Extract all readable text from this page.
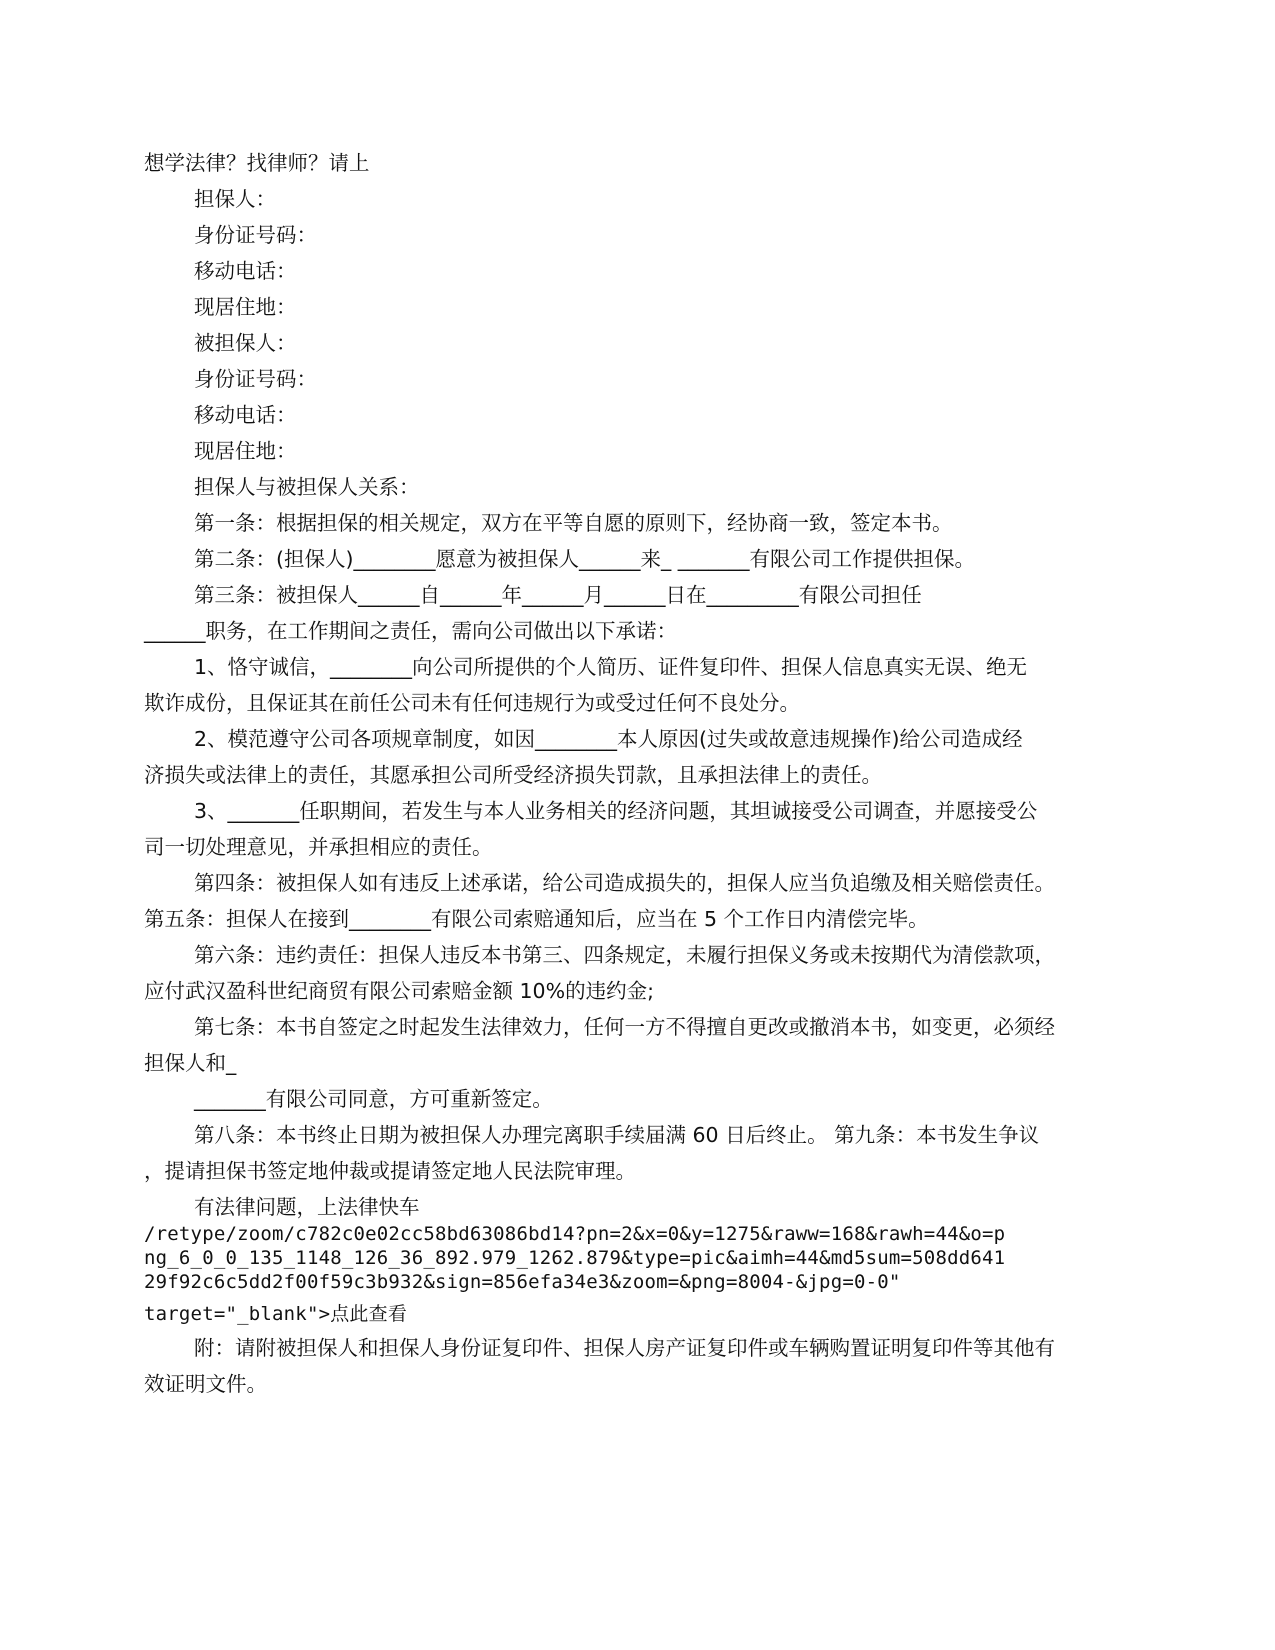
想学法律？找律师？请上
担保人：
身份证号码：
移动电话：
现居住地：
被担保人：
身份证号码：
移动电话：
现居住地：
担保人与被担保人关系：
第一条：根据担保的相关规定，双方在平等自愿的原则下，经协商一致，签定本书。
第二条：(担保人)________愿意为被担保人______来_ _______有限公司工作提供担保。
第三条：被担保人______自______年______月______日在_________有限公司担任
______职务，在工作期间之责任，需向公司做出以下承诺：
1、恪守诚信，________向公司所提供的个人简历、证件复印件、担保人信息真实无误、绝无
欺诈成份，且保证其在前任公司未有任何违规行为或受过任何不良处分。
2、模范遵守公司各项规章制度，如因________本人原因(过失或故意违规操作)给公司造成经
济损失或法律上的责任，其愿承担公司所受经济损失罚款，且承担法律上的责任。
3、_______任职期间，若发生与本人业务相关的经济问题，其坦诚接受公司调查，并愿接受公
司一切处理意见，并承担相应的责任。
第四条：被担保人如有违反上述承诺，给公司造成损失的，担保人应当负追缴及相关赔偿责任。
第五条：担保人在接到________有限公司索赔通知后，应当在 5 个工作日内清偿完毕。
第六条：违约责任：担保人违反本书第三、四条规定，未履行担保义务或未按期代为清偿款项，
应付武汉盈科世纪商贸有限公司索赔金额 10%的违约金;
第七条：本书自签定之时起发生法律效力，任何一方不得擅自更改或撤消本书，如变更，必须经
担保人和_
_______有限公司同意，方可重新签定。
第八条：本书终止日期为被担保人办理完离职手续届满 60 日后终止。 第九条：本书发生争议
，提请担保书签定地仲裁或提请签定地人民法院审理。
有法律问题，上法律快车
/retype/zoom/c782c0e02cc58bd63086bd14?pn=2&x=0&y=1275&raww=168&rawh=44&o=p
ng_6_0_0_135_1148_126_36_892.979_1262.879&type=pic&aimh=44&md5sum=508dd641
29f92c6c5dd2f00f59c3b932&sign=856efa34e3&zoom=&png=8004-&jpg=0-0"
target="_blank">点此查看
附：请附被担保人和担保人身份证复印件、担保人房产证复印件或车辆购置证明复印件等其他有
效证明文件。
